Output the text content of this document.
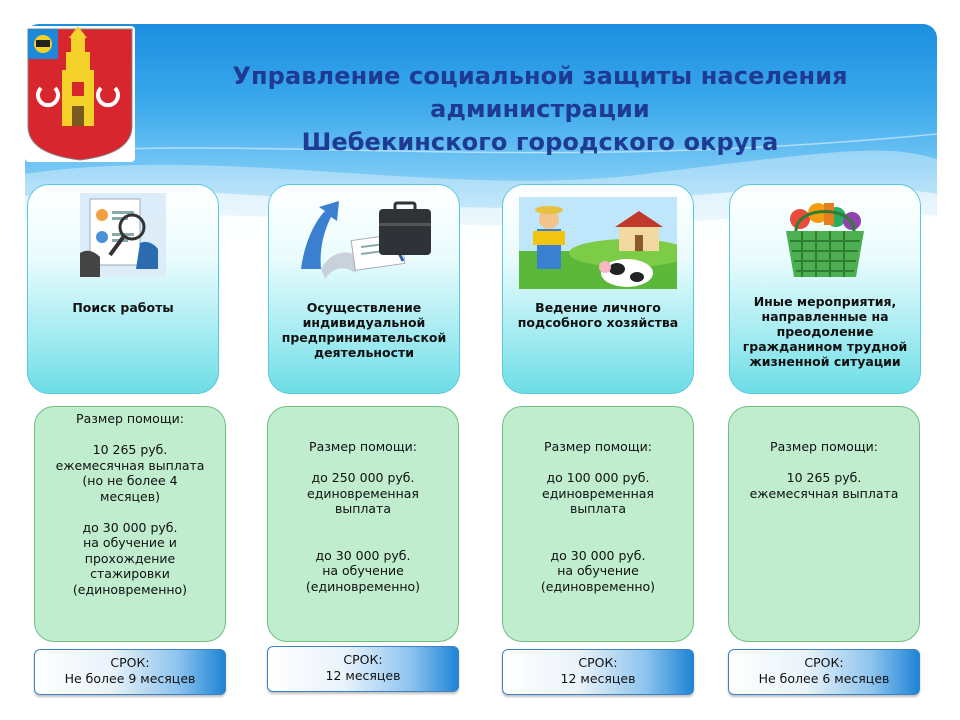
Управление социальной защиты населения администрации
Шебекинского городского округа
Поиск работы	Осуществление
индивидуальной
предпринимательской
деятельности
Ведение личного
подсобного хозяйства
Иные мероприятия,
направленные на
преодоление
гражданином трудной
жизненной ситуации
Размер помощи:

10 265 руб.
ежемесячная выплата
(но не более 4
месяцев)

до 30 000 руб.
на обучение и
прохождение
стажировки
(единовременно)
Размер помощи:

до 250 000 руб.
единовременная
выплата

до 30 000 руб.
на обучение
(единовременно)
Размер помощи:

до 100 000 руб.
единовременная
выплата

до 30 000 руб.
на обучение
(единовременно)
Размер помощи:

10 265 руб.
ежемесячная выплата
СРОК:
Не более 9 месяцев
СРОК:
12 месяцев
СРОК:
12 месяцев
СРОК:
Не более 6 месяцев
